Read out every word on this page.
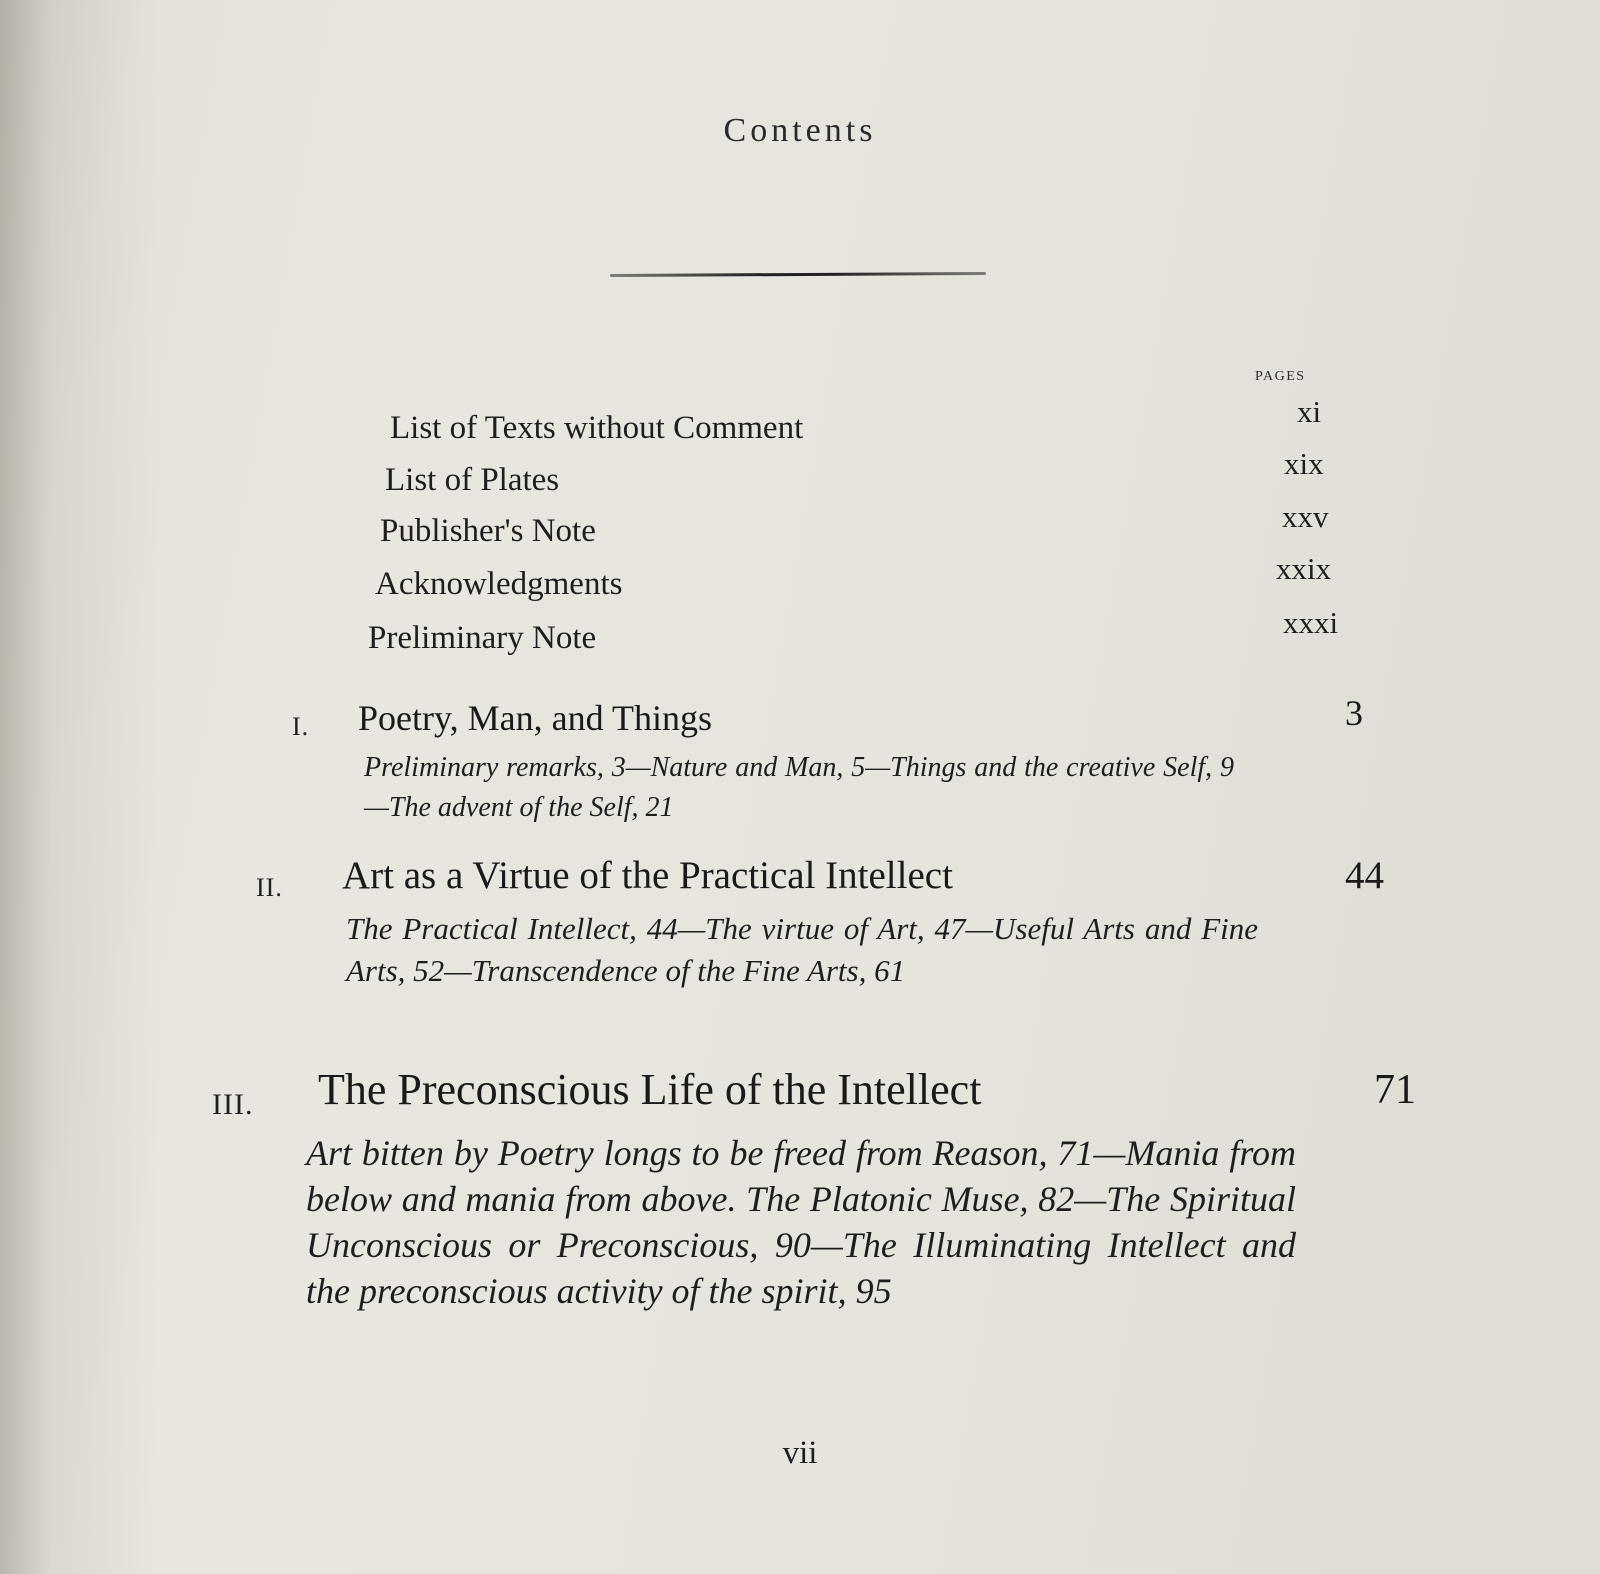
Contents
PAGES
List of Texts without Comment	xi
List of Plates	xix
Publisher's Note	xxv
Acknowledgments	xxix
Preliminary Note	xxxi
I. Poetry, Man, and Things	3
Preliminary remarks, 3—Nature and Man, 5—Things and the creative Self, 9—The advent of the Self, 21
II. Art as a Virtue of the Practical Intellect	44
The Practical Intellect, 44—The virtue of Art, 47—Useful Arts and Fine Arts, 52—Transcendence of the Fine Arts, 61
III. The Preconscious Life of the Intellect	71
Art bitten by Poetry longs to be freed from Reason, 71—Mania from below and mania from above. The Platonic Muse, 82—The Spiritual Unconscious or Preconscious, 90—The Illuminating Intellect and the preconscious activity of the spirit, 95
vii
